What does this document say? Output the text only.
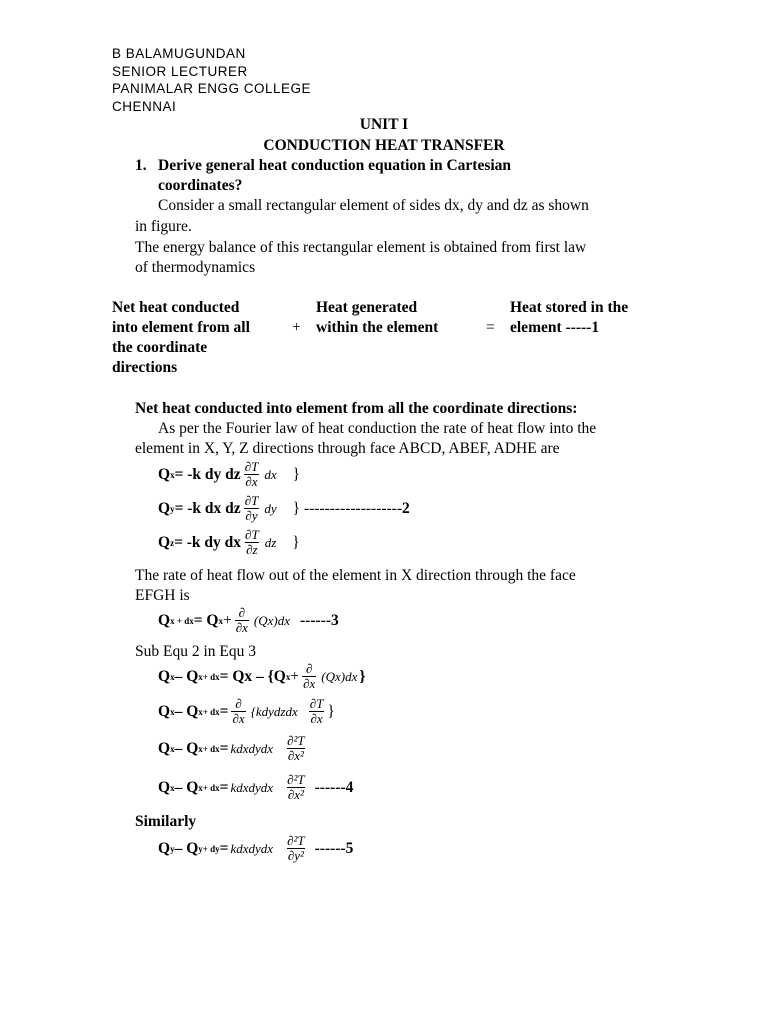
B BALAMUGUNDAN
SENIOR LECTURER
PANIMALAR ENGG COLLEGE
CHENNAI
UNIT I
CONDUCTION HEAT TRANSFER
1. Derive general heat conduction equation in Cartesian
coordinates?
Consider a small rectangular element of sides dx, dy and dz as shown
in figure.
The energy balance of this rectangular element is obtained from first law
of thermodynamics
Net heat conducted
into element from all
the coordinate
directions
+
Heat generated
within the element	=
Heat stored in the
element -----1
Net heat conducted into element from all the coordinate directions:
As per the Fourier law of heat conduction the rate of heat flow into the
element in X, Y, Z directions through face ABCD, ABEF, ADHE are
Q x = -k dy dz $\frac{\partial T}{\partial x}$ dx }
Q y = -k dx dz $\frac{\partial T}{\partial y}$ dy } ------------------- 2
Q z = -k dy dx $\frac{\partial T}{\partial z}$ dz }
The rate of heat flow out of the element in X direction through the face
EFGH is
Q x + dx = Q $x + \frac{\partial}{\partial x} (Qx)dx$ ------3
Sub Equ 2 in Equ 3
Q x – Q x+ dx = Qx – {Q $x + \frac{\partial}{\partial x} (Qx)dx$ }
Q x – Q x+ dx = $\frac{\partial}{\partial x}$ {kdydzdx $\frac{\partial T}{\partial x}$ }
Q x – Q x+ dx = kdxdydx $\frac{\text{∂²T}}{\text{∂x²}}$
Q x – Q x+ dx = kdxdydx $\frac{\text{∂²T}}{\text{∂x²}} ------4$
Similarly
Q y – Q y+ dy = kdxdydx $\frac{\text{∂²T}}{\text{∂y²}} ------5$
